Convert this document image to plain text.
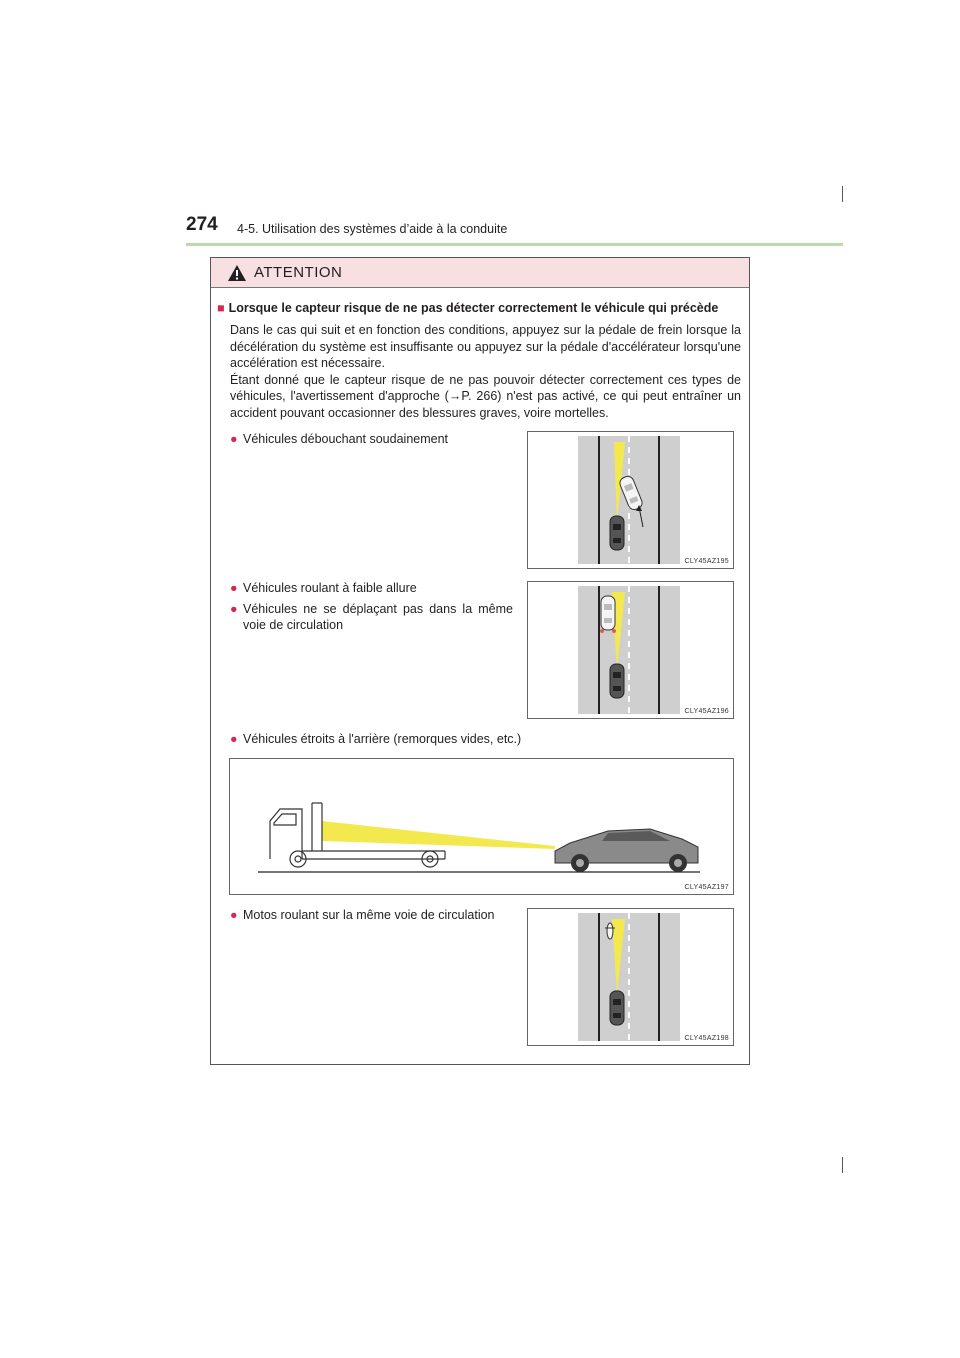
274 4-5. Utilisation des systèmes d’aide à la conduite
ATTENTION
■ Lorsque le capteur risque de ne pas détecter correctement le véhicule qui précède

Dans le cas qui suit et en fonction des conditions, appuyez sur la pédale de frein lorsque la décélération du système est insuffisante ou appuyez sur la pédale d'accélérateur lorsqu'une accélération est nécessaire.

Étant donné que le capteur risque de ne pas pouvoir détecter correctement ces types de véhicules, l'avertissement d'approche (→P. 266) n'est pas activé, ce qui peut entraîner un accident pouvant occasionner des blessures graves, voire mortelles.

● Véhicules débouchant soudainement
CLY45AZ195
● Véhicules roulant à faible allure
● Véhicules ne se déplaçant pas dans la même voie de circulation
CLY45AZ196
● Véhicules étroits à l'arrière (remorques vides, etc.)
CLY45AZ197
● Motos roulant sur la même voie de circulation
CLY45AZ198
